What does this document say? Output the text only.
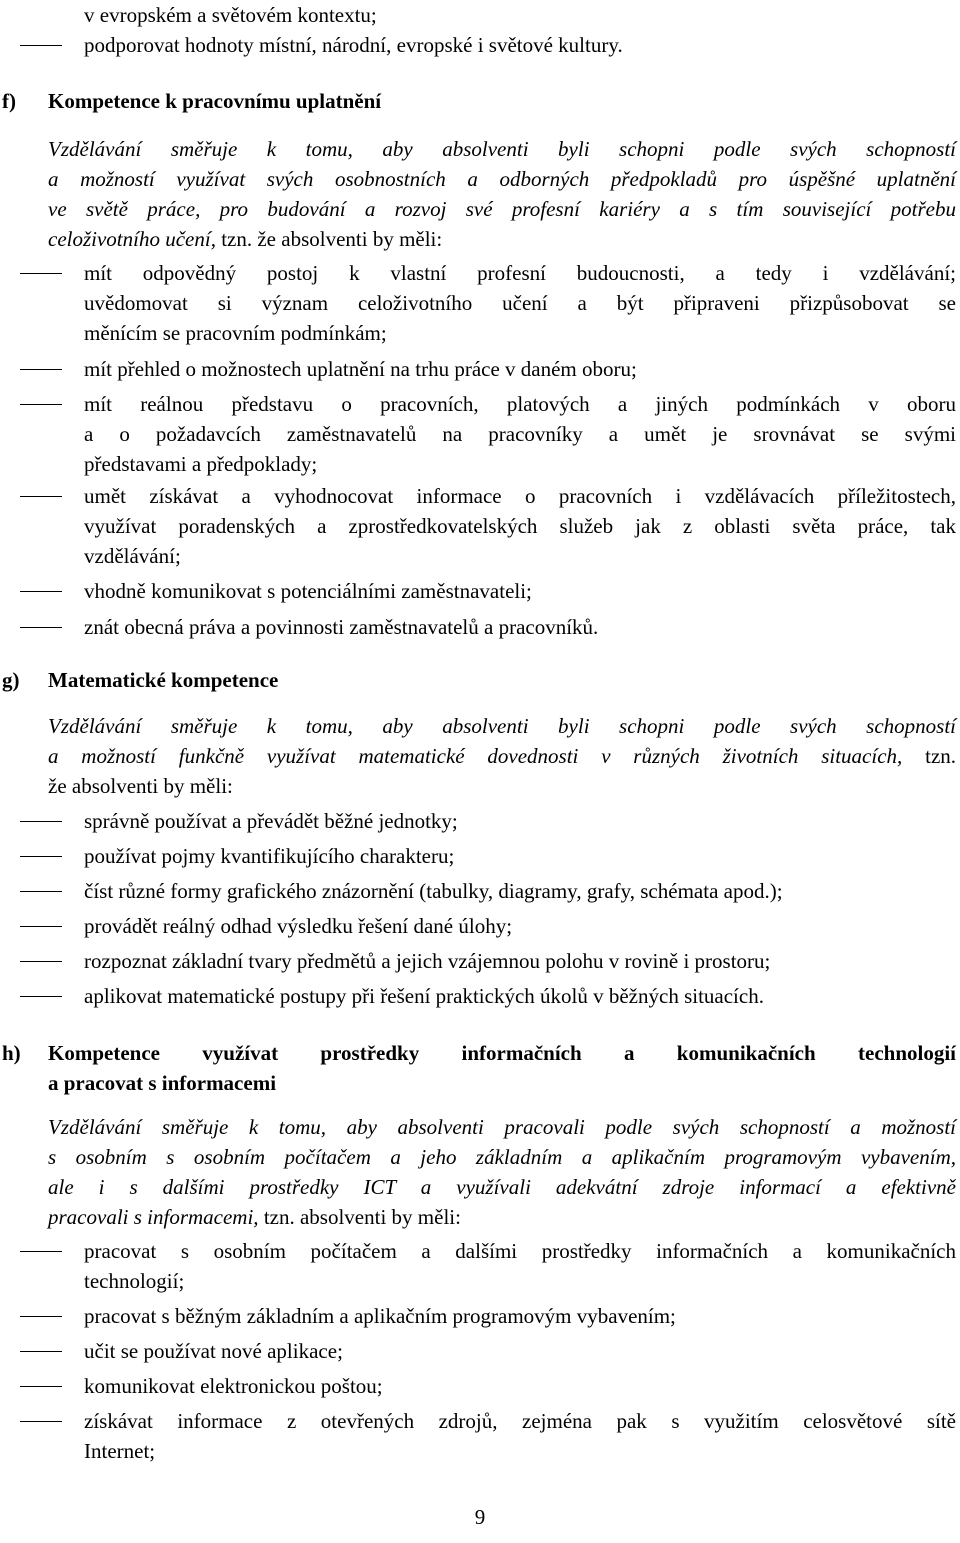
v evropském a světovém kontextu;
podporovat hodnoty místní, národní, evropské i světové kultury.
f) Kompetence k pracovnímu uplatnění
Vzdělávání směřuje k tomu, aby absolventi byli schopni podle svých schopností
a možností využívat svých osobnostních a odborných předpokladů pro úspěšné uplatnění
ve světě práce, pro budování a rozvoj své profesní kariéry a s tím související potřebu
celoživotního učení, tzn. že absolventi by měli:
mít odpovědný postoj k vlastní profesní budoucnosti, a tedy i vzdělávání;
uvědomovat si význam celoživotního učení a být připraveni přizpůsobovat se
měnícím se pracovním podmínkám;
mít přehled o možnostech uplatnění na trhu práce v daném oboru;
mít reálnou představu o pracovních, platových a jiných podmínkách v oboru
a o požadavcích zaměstnavatelů na pracovníky a umět je srovnávat se svými
představami a předpoklady;
umět získávat a vyhodnocovat informace o pracovních i vzdělávacích příležitostech,
využívat poradenských a zprostředkovatelských služeb jak z oblasti světa práce, tak
vzdělávání;
vhodně komunikovat s potenciálními zaměstnavateli;
znát obecná práva a povinnosti zaměstnavatelů a pracovníků.
g) Matematické kompetence
Vzdělávání směřuje k tomu, aby absolventi byli schopni podle svých schopností
a možností funkčně využívat matematické dovednosti v různých životních situacích, tzn.
že absolventi by měli:
správně používat a převádět běžné jednotky;
používat pojmy kvantifikujícího charakteru;
číst různé formy grafického znázornění (tabulky, diagramy, grafy, schémata apod.);
provádět reálný odhad výsledku řešení dané úlohy;
rozpoznat základní tvary předmětů a jejich vzájemnou polohu v rovině i prostoru;
aplikovat matematické postupy při řešení praktických úkolů v běžných situacích.
h) Kompetence využívat prostředky informačních a komunikačních technologií
a pracovat s informacemi
Vzdělávání směřuje k tomu, aby absolventi pracovali podle svých schopností a možností
s osobním s osobním počítačem a jeho základním a aplikačním programovým vybavením,
ale i s dalšími prostředky ICT a využívali adekvátní zdroje informací a efektivně
pracovali s informacemi, tzn. absolventi by měli:
pracovat s osobním počítačem a dalšími prostředky informačních a komunikačních
technologií;
pracovat s běžným základním a aplikačním programovým vybavením;
učit se používat nové aplikace;
komunikovat elektronickou poštou;
získávat informace z otevřených zdrojů, zejména pak s využitím celosvětové sítě
Internet;
9
